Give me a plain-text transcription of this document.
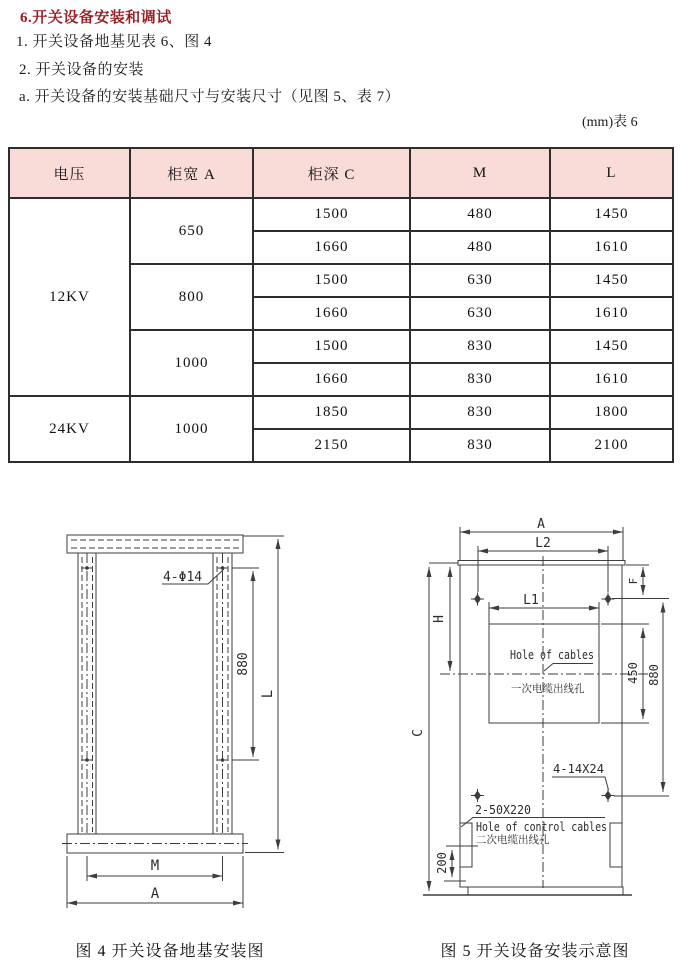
6.开关设备安装和调试
1. 开关设备地基见表 6、图 4
2. 开关设备的安装
a. 开关设备的安装基础尺寸与安装尺寸（见图 5、表 7）
(mm)表 6
电压	柜宽 A	柜深 C	M	L
12KV	650	1500	480	1450
		1660	480	1610
	800	1500	630	1450
		1660	630	1610
	1000	1500	830	1450
		1660	830	1610
24KV	1000	1850	830	1800
		2150	830	2100
4-Φ14
880
L
M
A
A
L2
L1
H
C
F
450 880
200
Hole of cables
一次电缆出线孔
4-14X24
2-50X220
Hole of control cables
二次电缆出线孔
图 4 开关设备地基安装图	图 5 开关设备安装示意图
